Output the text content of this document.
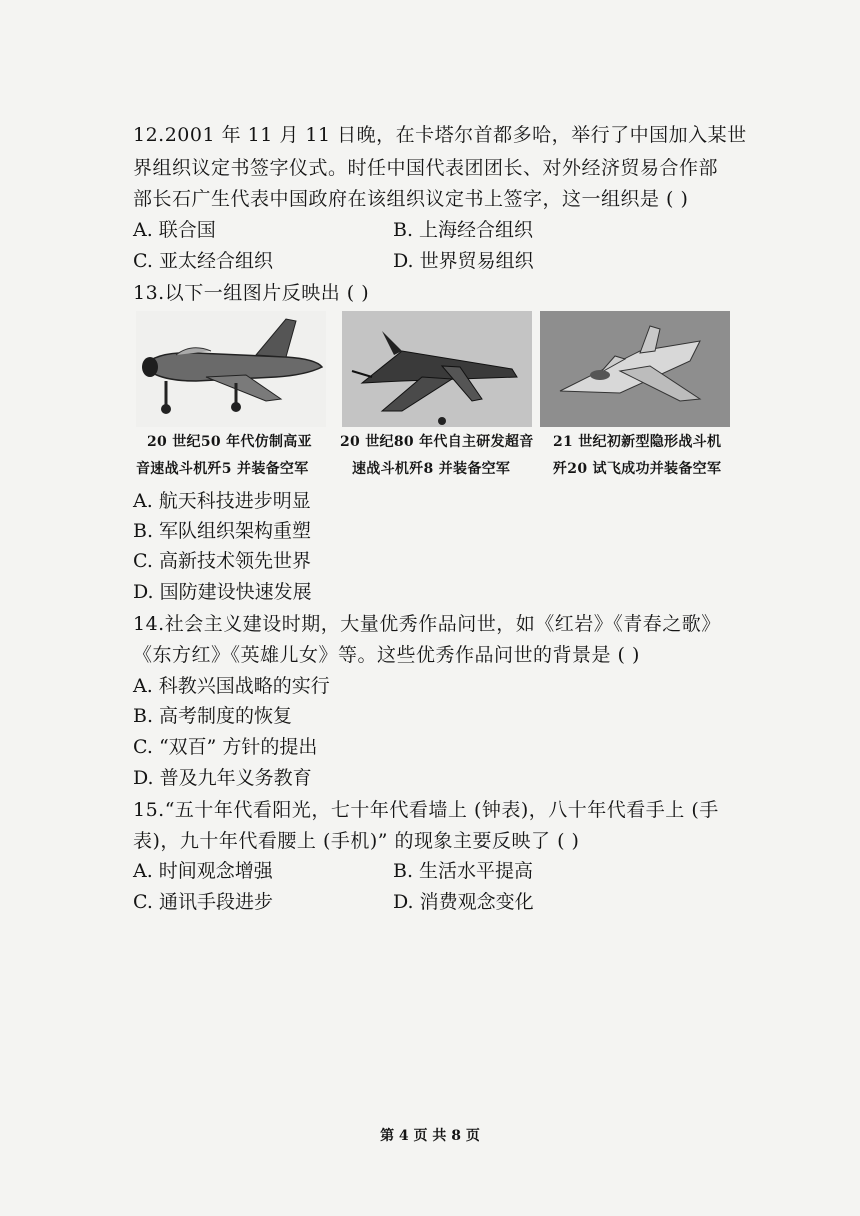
12.2001 年 11 月 11 日晚，在卡塔尔首都多哈，举行了中国加入某世
界组织议定书签字仪式。时任中国代表团团长、对外经济贸易合作部
部长石广生代表中国政府在该组织议定书上签字，这一组织是 ( )
A. 联合国	B. 上海经合组织
C. 亚太经合组织	D. 世界贸易组织
13.以下一组图片反映出 ( )
20 世纪50 年代仿制高亚
音速战斗机歼5 并装备空军
20 世纪80 年代自主研发超音
速战斗机歼8 并装备空军
21 世纪初新型隐形战斗机
歼20 试飞成功并装备空军
A. 航天科技进步明显
B. 军队组织架构重塑
C. 高新技术领先世界
D. 国防建设快速发展
14.社会主义建设时期，大量优秀作品问世，如《红岩》《青春之歌》
《东方红》《英雄儿女》等。这些优秀作品问世的背景是 ( )
A. 科教兴国战略的实行
B. 高考制度的恢复
C. “双百” 方针的提出
D. 普及九年义务教育
15.“五十年代看阳光，七十年代看墙上 (钟表)，八十年代看手上 (手
表)，九十年代看腰上 (手机)” 的现象主要反映了 ( )
A. 时间观念增强	B. 生活水平提高
C. 通讯手段进步	D. 消费观念变化
第 4 页 共 8 页
